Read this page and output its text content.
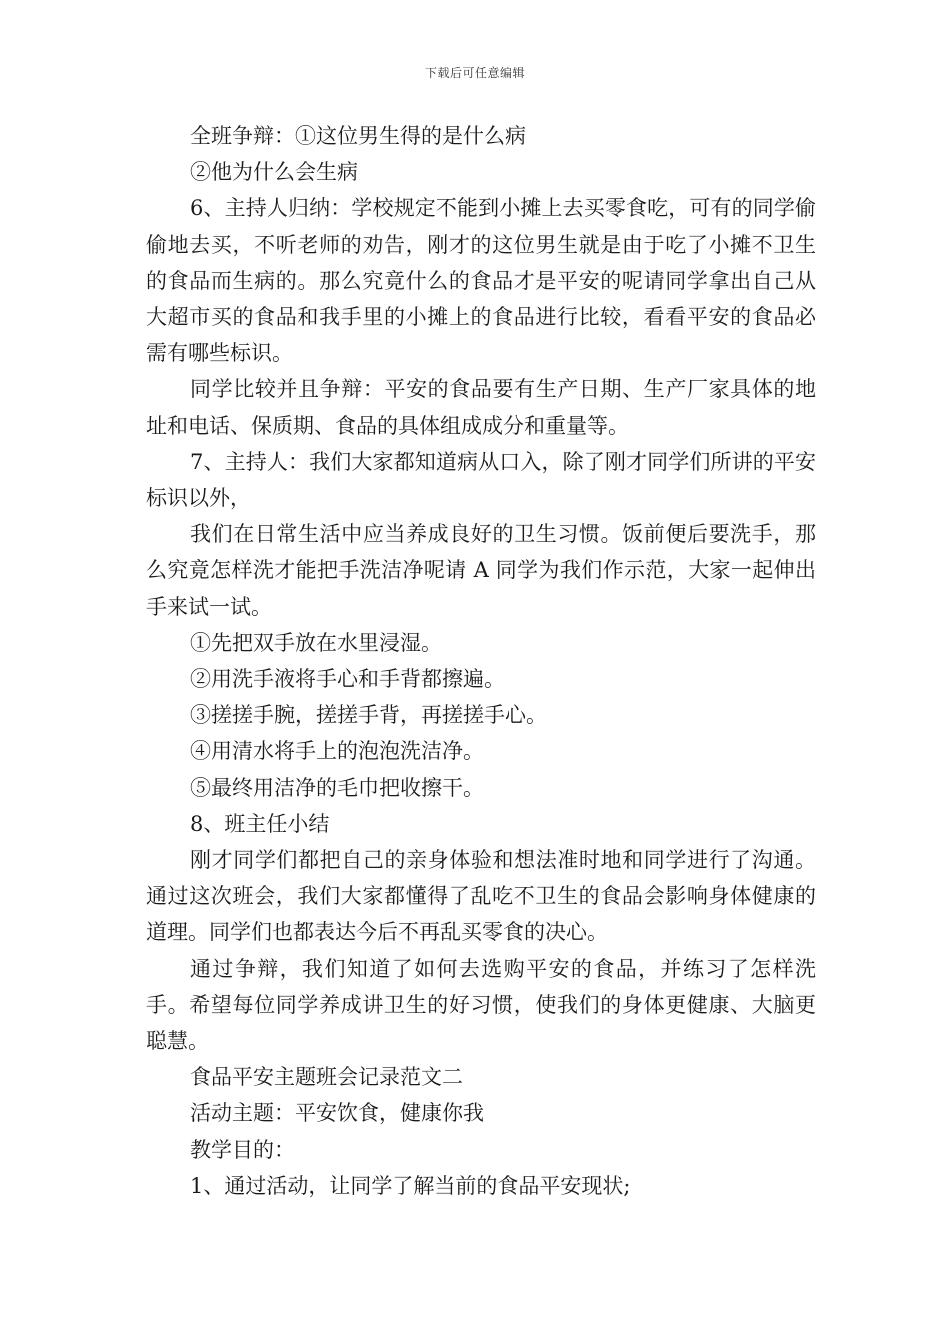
下载后可任意编辑

全班争辩：①这位男生得的是什么病

②他为什么会生病

6、主持人归纳：学校规定不能到小摊上去买零食吃，可有的同学偷偷地去买，不听老师的劝告，刚才的这位男生就是由于吃了小摊不卫生的食品而生病的。那么究竟什么的食品才是平安的呢请同学拿出自己从大超市买的食品和我手里的小摊上的食品进行比较，看看平安的食品必需有哪些标识。

同学比较并且争辩：平安的食品要有生产日期、生产厂家具体的地址和电话、保质期、食品的具体组成成分和重量等。

7、主持人：我们大家都知道病从口入，除了刚才同学们所讲的平安标识以外，

我们在日常生活中应当养成良好的卫生习惯。饭前便后要洗手，那么究竟怎样洗才能把手洗洁净呢请 A 同学为我们作示范，大家一起伸出手来试一试。

①先把双手放在水里浸湿。

②用洗手液将手心和手背都擦遍。

③搓搓手腕，搓搓手背，再搓搓手心。

④用清水将手上的泡泡洗洁净。

⑤最终用洁净的毛巾把收擦干。

8、班主任小结

刚才同学们都把自己的亲身体验和想法准时地和同学进行了沟通。通过这次班会，我们大家都懂得了乱吃不卫生的食品会影响身体健康的道理。同学们也都表达今后不再乱买零食的决心。

通过争辩，我们知道了如何去选购平安的食品，并练习了怎样洗手。希望每位同学养成讲卫生的好习惯，使我们的身体更健康、大脑更聪慧。

食品平安主题班会记录范文二

活动主题：平安饮食，健康你我

教学目的：

1、通过活动，让同学了解当前的食品平安现状;
